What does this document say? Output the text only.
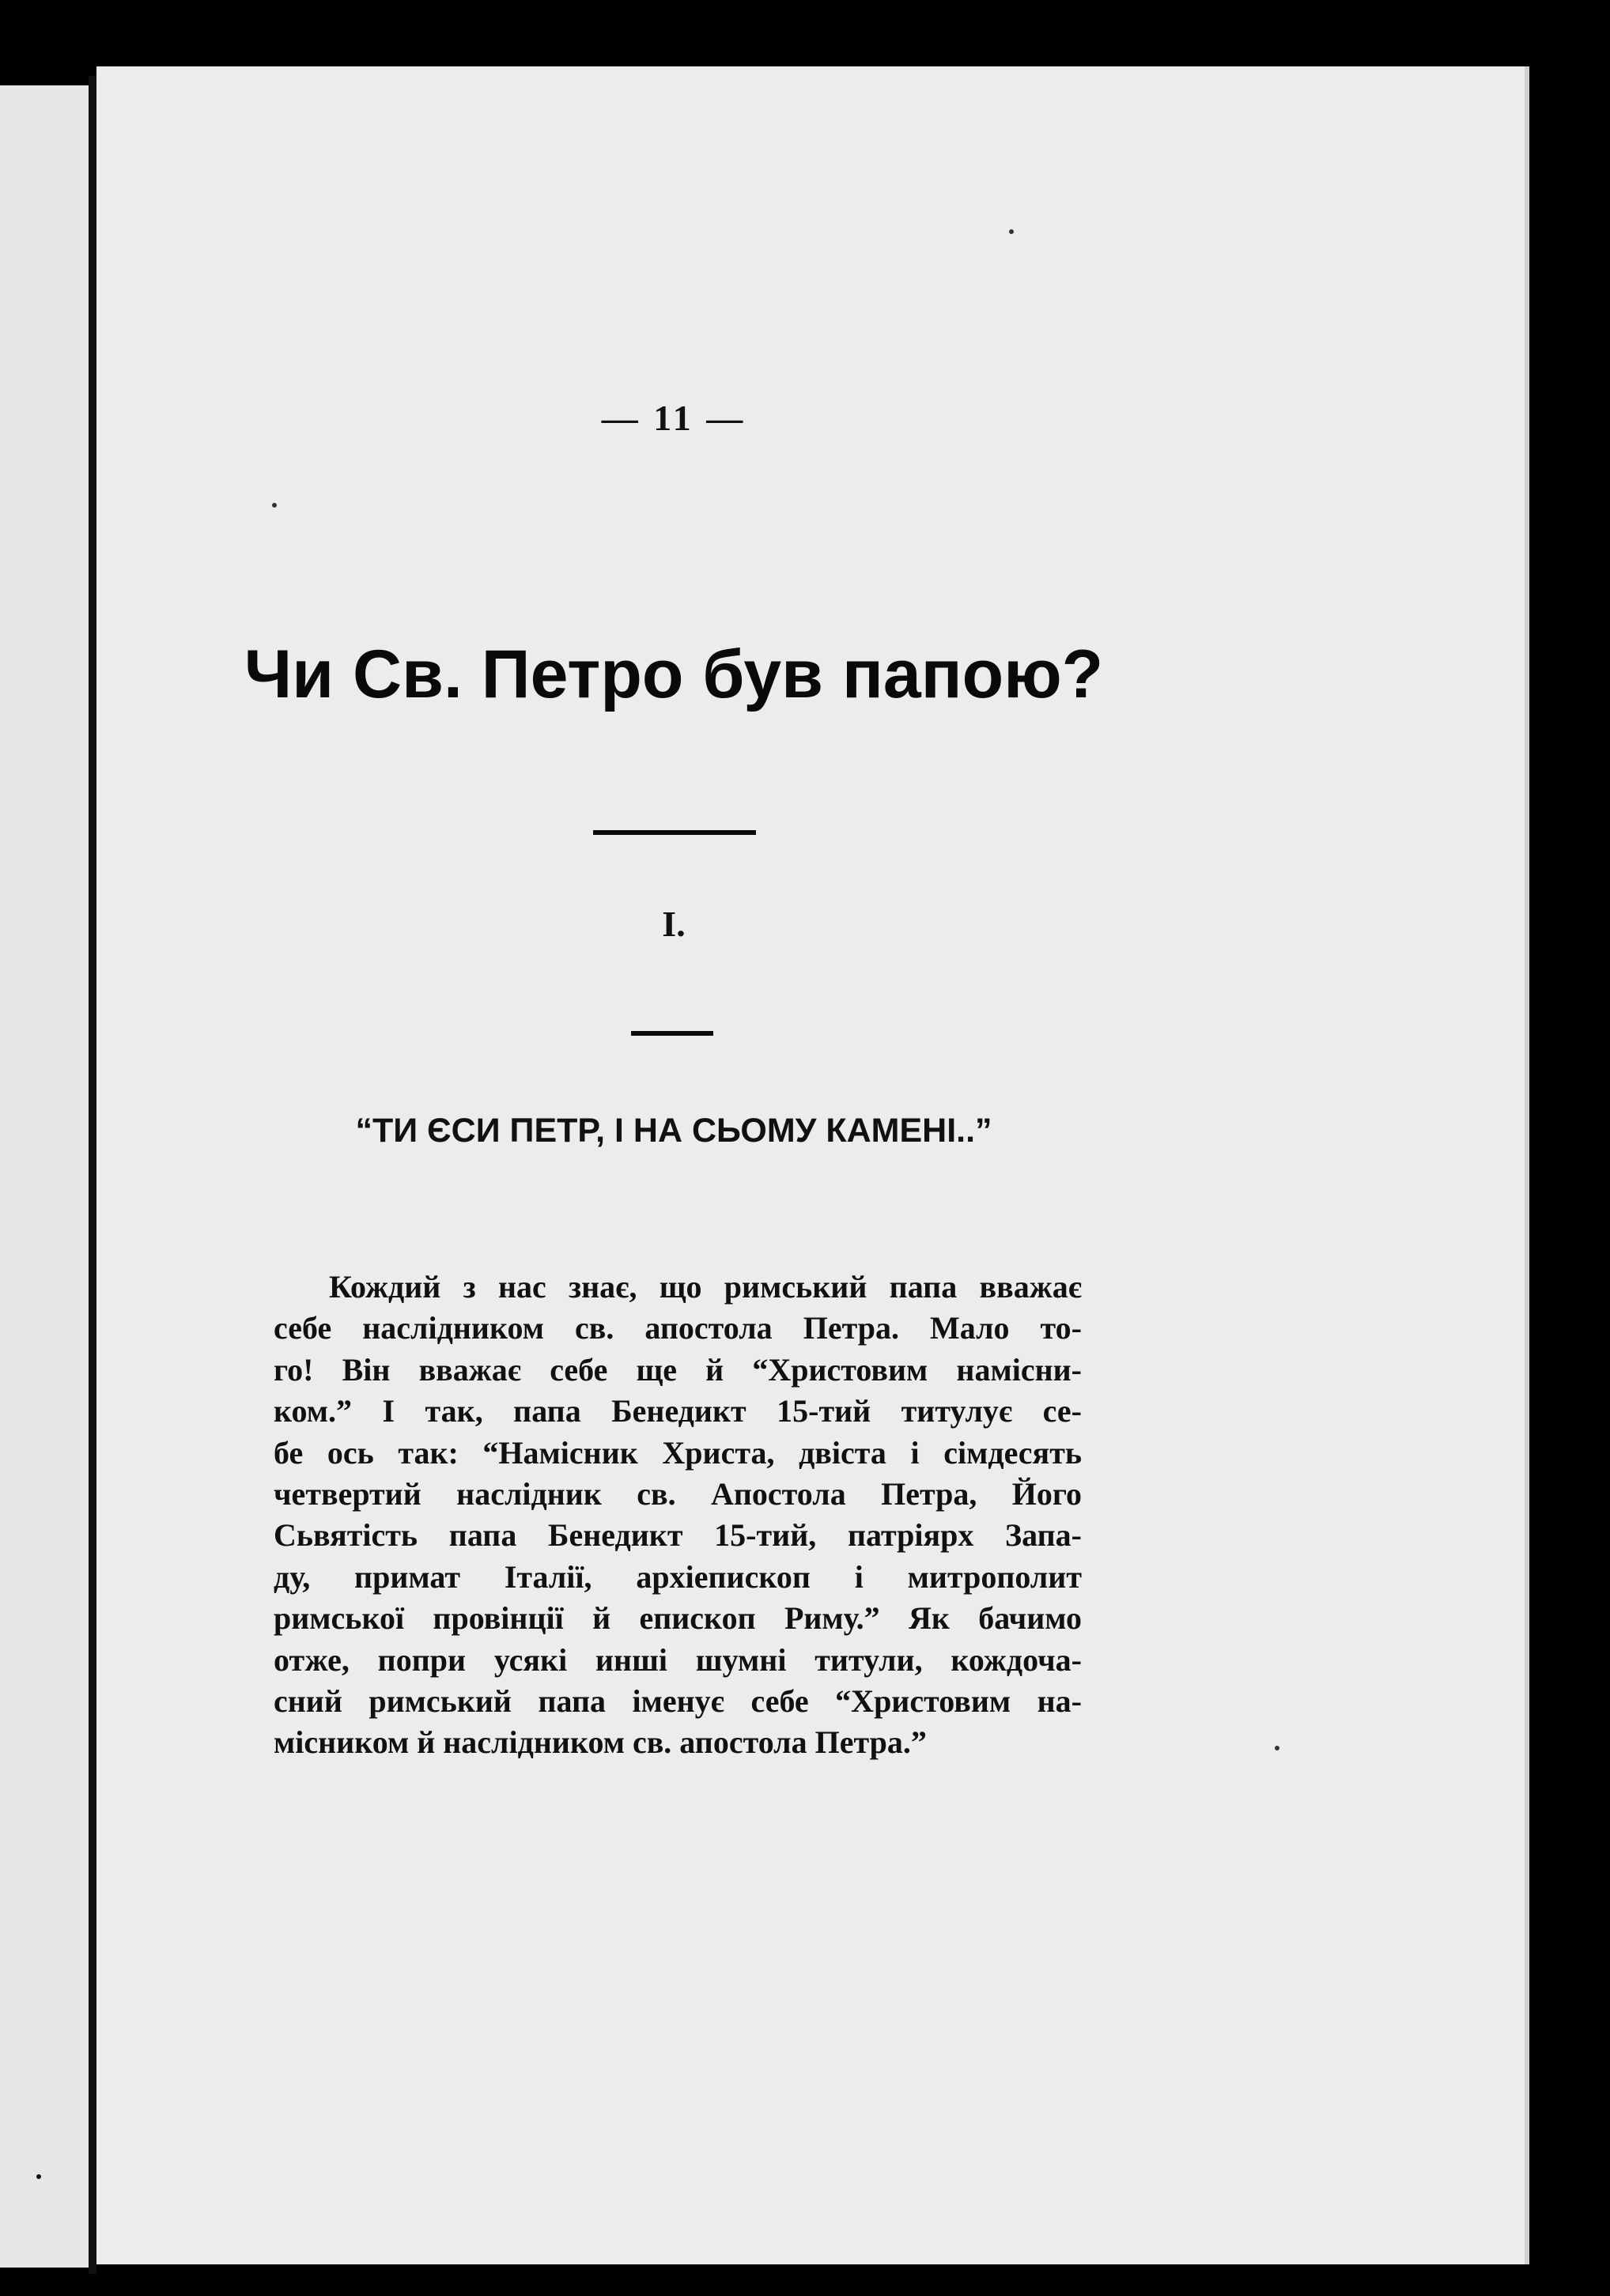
— 11 —
Чи Св. Петро був папою?
I.
“ТИ ЄСИ ПЕТР, І НА СЬОМУ КАМЕНІ..”
Кождий з нас знає, що римський папа вважає
себе наслідником св. апостола Петра. Мало то-
го! Він вважає себе ще й “Христовим намісни-
ком.” І так, папа Бенедикт 15-тий титулує се-
бе ось так: “Намісник Христа, двіста і сімдесять
четвертий наслідник св. Апостола Петра, Його
Сьвятість папа Бенедикт 15-тий, патріярх Запа-
ду, примат Італії, архіепископ і митрополит
римської провінції й епископ Риму.” Як бачимо
отже, попри усякі инші шумні титули, кождоча-
сний римський папа іменує себе “Христовим на-
місником й наслідником св. апостола Петра.”
